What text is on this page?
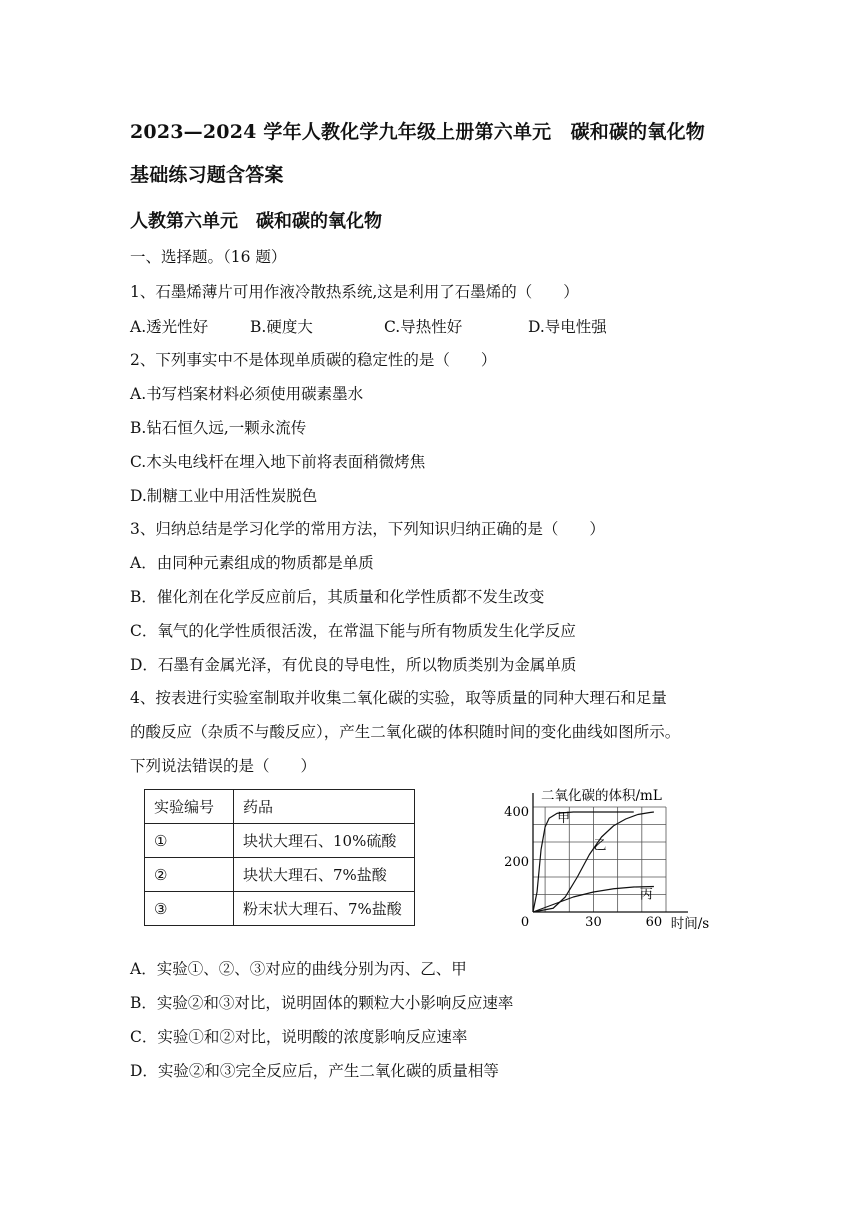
2023—2024 学年人教化学九年级上册第六单元　碳和碳的氧化物
基础练习题含答案
人教第六单元　碳和碳的氧化物
一、选择题。（16 题）
1、石墨烯薄片可用作液冷散热系统,这是利用了石墨烯的（　　）
A.透光性好	B.硬度大	C.导热性好	D.导电性强
2、下列事实中不是体现单质碳的稳定性的是（　　）
A.书写档案材料必须使用碳素墨水
B.钻石恒久远,一颗永流传
C.木头电线杆在埋入地下前将表面稍微烤焦
D.制糖工业中用活性炭脱色
3、归纳总结是学习化学的常用方法，下列知识归纳正确的是（　　）
A．由同种元素组成的物质都是单质
B．催化剂在化学反应前后，其质量和化学性质都不发生改变
C．氧气的化学性质很活泼，在常温下能与所有物质发生化学反应
D．石墨有金属光泽，有优良的导电性，所以物质类别为金属单质
4、按表进行实验室制取并收集二氧化碳的实验，取等质量的同种大理石和足量
的酸反应（杂质不与酸反应），产生二氧化碳的体积随时间的变化曲线如图所示。
下列说法错误的是（　　）
实验编号	药品
①	块状大理石、10%硫酸
②	块状大理石、7%盐酸
③	粉末状大理石、7%盐酸
0	30	60
200
400
二氧化碳的体积/mL
时间/s
甲
乙
丙
A．实验①、②、③对应的曲线分别为丙、乙、甲
B．实验②和③对比，说明固体的颗粒大小影响反应速率
C．实验①和②对比，说明酸的浓度影响反应速率
D．实验②和③完全反应后，产生二氧化碳的质量相等
